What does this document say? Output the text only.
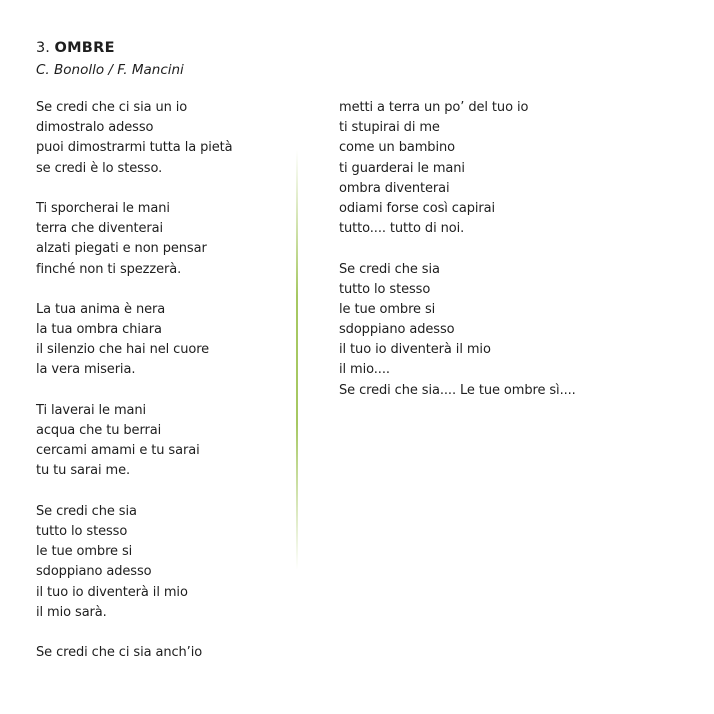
3. OMBRE
C. Bonollo / F. Mancini
Se credi che ci sia un io
dimostralo adesso
puoi dimostrarmi tutta la pietà
se credi è lo stesso.
Ti sporcherai le mani
terra che diventerai
alzati piegati e non pensar
finché non ti spezzerà.
La tua anima è nera
la tua ombra chiara
il silenzio che hai nel cuore
la vera miseria.
Ti laverai le mani
acqua che tu berrai
cercami amami e tu sarai
tu tu sarai me.
Se credi che sia
tutto lo stesso
le tue ombre si
sdoppiano adesso
il tuo io diventerà il mio
il mio sarà.
Se credi che ci sia anch’io
metti a terra un po’ del tuo io
ti stupirai di me
come un bambino
ti guarderai le mani
ombra diventerai
odiami forse così capirai
tutto.... tutto di noi.
Se credi che sia
tutto lo stesso
le tue ombre si
sdoppiano adesso
il tuo io diventerà il mio
il mio....
Se credi che sia.... Le tue ombre sì....
